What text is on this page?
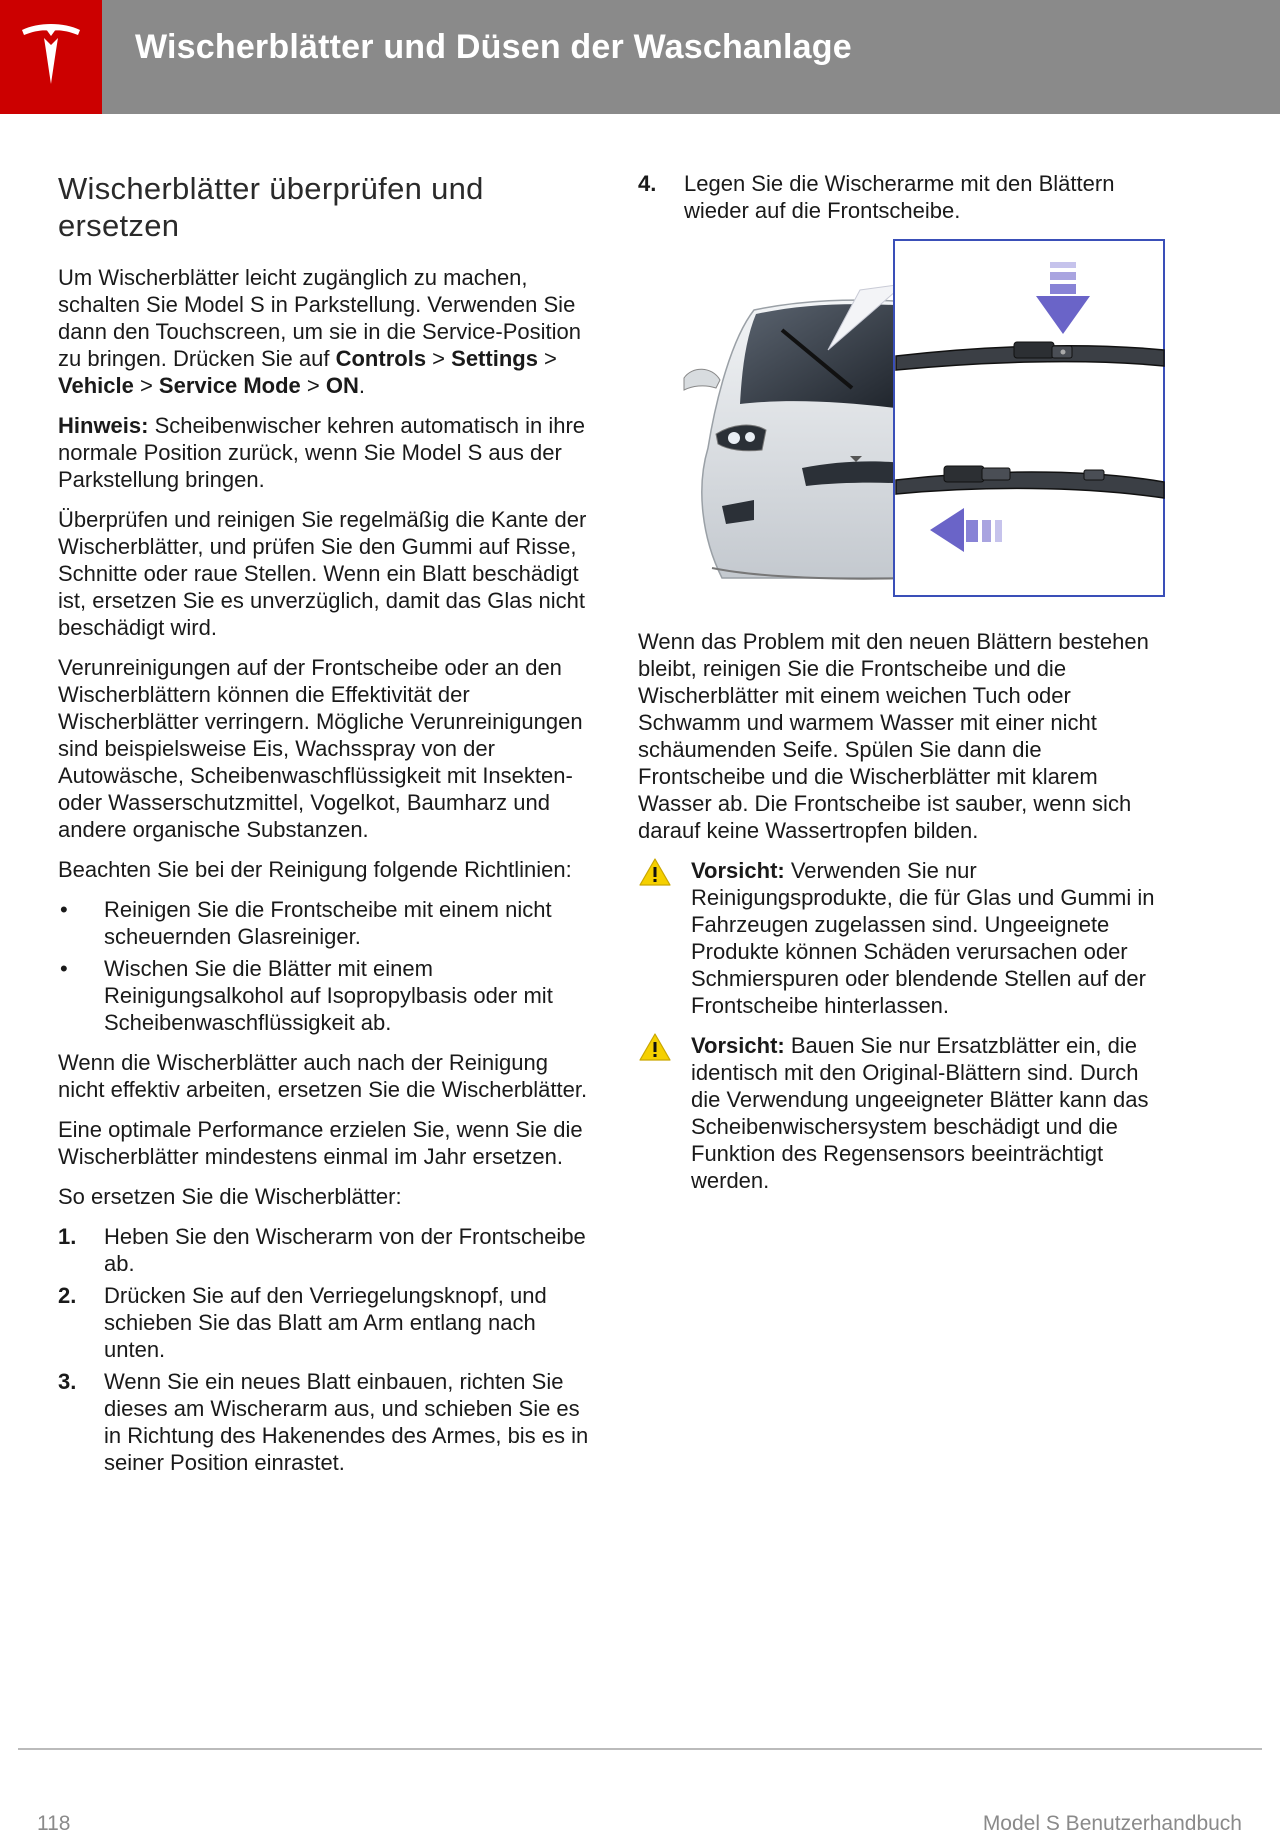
Wischerblätter und Düsen der Waschanlage
Wischerblätter überprüfen und ersetzen

Um Wischerblätter leicht zugänglich zu machen, schalten Sie Model S in Parkstellung. Verwenden Sie dann den Touchscreen, um sie in die Service-Position zu bringen. Drücken Sie auf Controls > Settings > Vehicle > Service Mode > ON.

Hinweis: Scheibenwischer kehren automatisch in ihre normale Position zurück, wenn Sie Model S aus der Parkstellung bringen.

Überprüfen und reinigen Sie regelmäßig die Kante der Wischerblätter, und prüfen Sie den Gummi auf Risse, Schnitte oder raue Stellen. Wenn ein Blatt beschädigt ist, ersetzen Sie es unverzüglich, damit das Glas nicht beschädigt wird.

Verunreinigungen auf der Frontscheibe oder an den Wischerblättern können die Effektivität der Wischerblätter verringern. Mögliche Verunreinigungen sind beispielsweise Eis, Wachsspray von der Autowäsche, Scheibenwaschflüssigkeit mit Insekten- oder Wasserschutzmittel, Vogelkot, Baumharz und andere organische Substanzen.

Beachten Sie bei der Reinigung folgende Richtlinien:

• Reinigen Sie die Frontscheibe mit einem nicht scheuernden Glasreiniger.
• Wischen Sie die Blätter mit einem Reinigungsalkohol auf Isopropylbasis oder mit Scheibenwaschflüssigkeit ab.

Wenn die Wischerblätter auch nach der Reinigung nicht effektiv arbeiten, ersetzen Sie die Wischerblätter.

Eine optimale Performance erzielen Sie, wenn Sie die Wischerblätter mindestens einmal im Jahr ersetzen.

So ersetzen Sie die Wischerblätter:

1. Heben Sie den Wischerarm von der Frontscheibe ab.
2. Drücken Sie auf den Verriegelungsknopf, und schieben Sie das Blatt am Arm entlang nach unten.
3. Wenn Sie ein neues Blatt einbauen, richten Sie dieses am Wischerarm aus, und schieben Sie es in Richtung des Hakenendes des Armes, bis es in seiner Position einrastet.
4. Legen Sie die Wischerarme mit den Blättern wieder auf die Frontscheibe.

Wenn das Problem mit den neuen Blättern bestehen bleibt, reinigen Sie die Frontscheibe und die Wischerblätter mit einem weichen Tuch oder Schwamm und warmem Wasser mit einer nicht schäumenden Seife. Spülen Sie dann die Frontscheibe und die Wischerblätter mit klarem Wasser ab. Die Frontscheibe ist sauber, wenn sich darauf keine Wassertropfen bilden.

Vorsicht: Verwenden Sie nur Reinigungsprodukte, die für Glas und Gummi in Fahrzeugen zugelassen sind. Ungeeignete Produkte können Schäden verursachen oder Schmierspuren oder blendende Stellen auf der Frontscheibe hinterlassen.
Vorsicht: Bauen Sie nur Ersatzblätter ein, die identisch mit den Original-Blättern sind. Durch die Verwendung ungeeigneter Blätter kann das Scheibenwischersystem beschädigt und die Funktion des Regensensors beeinträchtigt werden.
118	Model S Benutzerhandbuch
